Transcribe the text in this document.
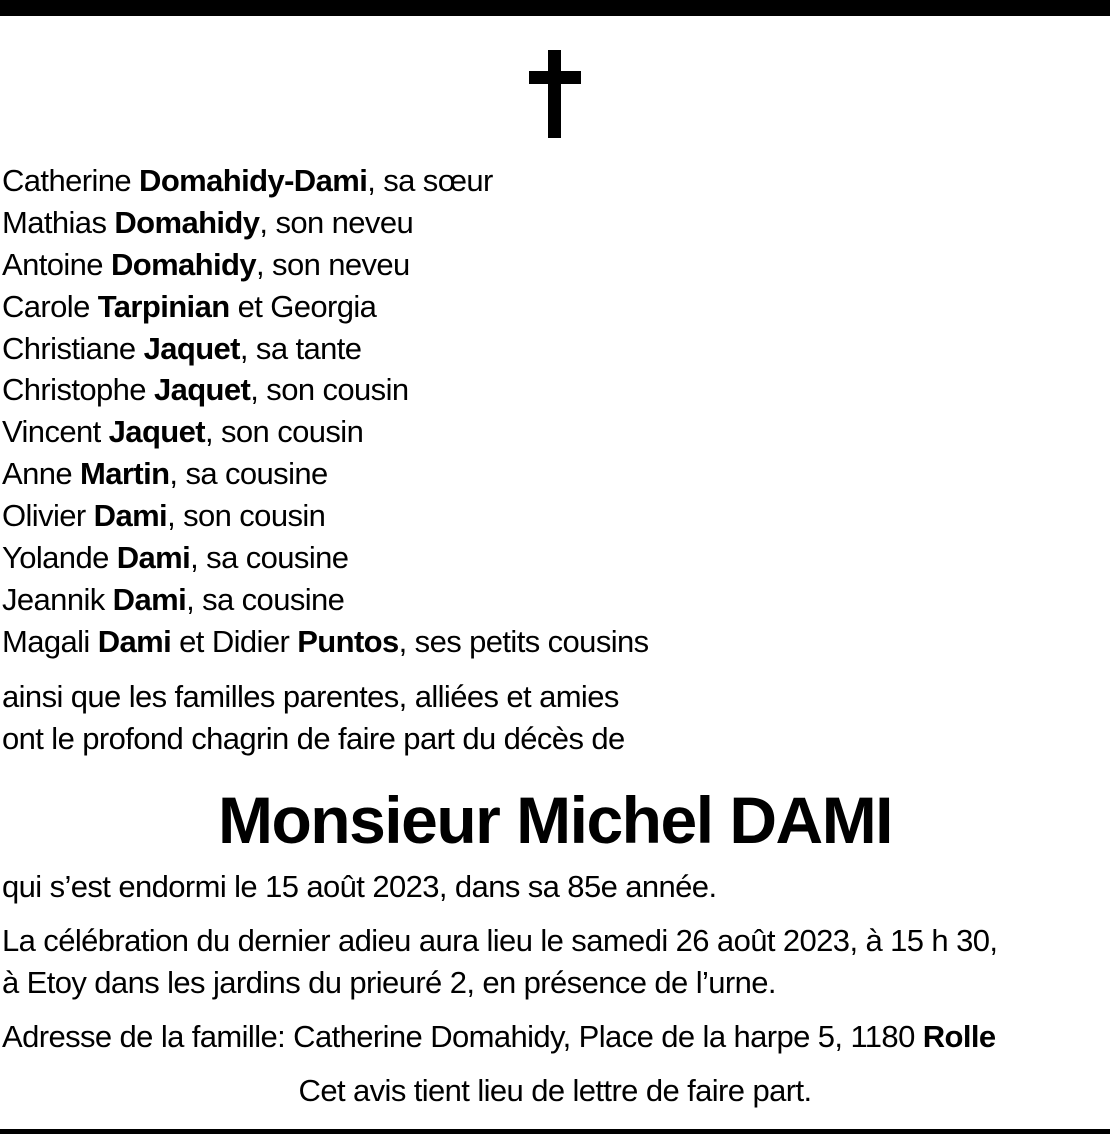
Catherine Domahidy-Dami, sa sœur
Mathias Domahidy, son neveu
Antoine Domahidy, son neveu
Carole Tarpinian et Georgia
Christiane Jaquet, sa tante
Christophe Jaquet, son cousin
Vincent Jaquet, son cousin
Anne Martin, sa cousine
Olivier Dami, son cousin
Yolande Dami, sa cousine
Jeannik Dami, sa cousine
Magali Dami et Didier Puntos, ses petits cousins

ainsi que les familles parentes, alliées et amies
ont le profond chagrin de faire part du décès de

Monsieur Michel DAMI

qui s’est endormi le 15 août 2023, dans sa 85e année.

La célébration du dernier adieu aura lieu le samedi 26 août 2023, à 15 h 30,
à Etoy dans les jardins du prieuré 2, en présence de l’urne.

Adresse de la famille: Catherine Domahidy, Place de la harpe 5, 1180 Rolle

Cet avis tient lieu de lettre de faire part.
